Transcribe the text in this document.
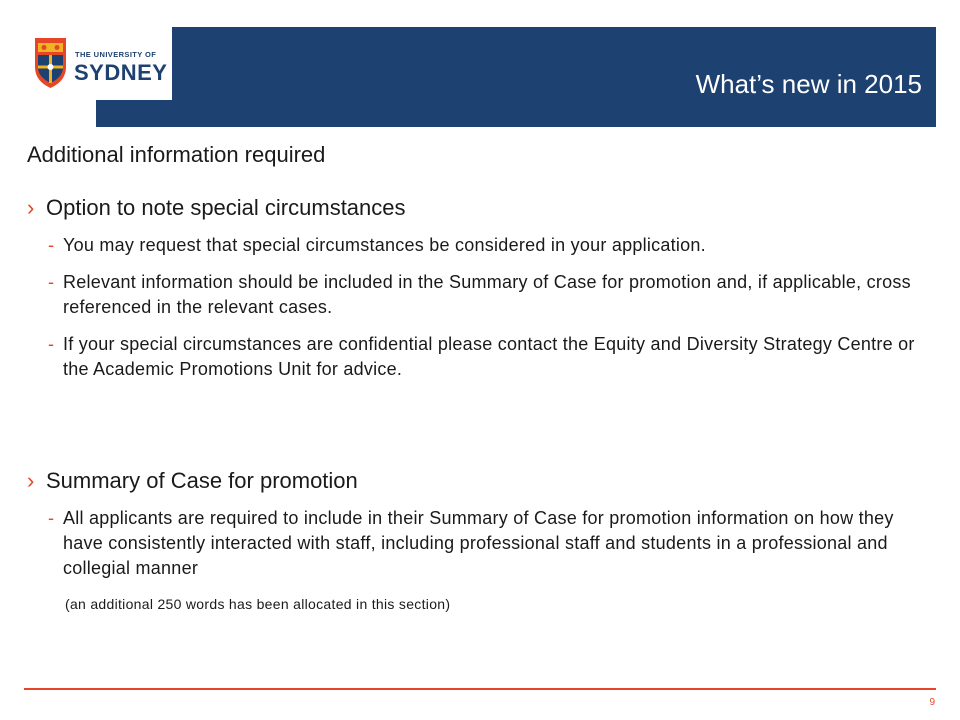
THE UNIVERSITY OF
SYDNEY	What’s new in 2015
Additional information required
› Option to note special circumstances
- You may request that special circumstances be considered in your application.
- Relevant information should be included in the Summary of Case for promotion and, if applicable, cross referenced in the relevant cases.
- If your special circumstances are confidential please contact the Equity and Diversity Strategy Centre or the Academic Promotions Unit for advice.
› Summary of Case for promotion
- All applicants are required to include in their Summary of Case for promotion information on how they have consistently interacted with staff, including professional staff and students in a professional and collegial manner
(an additional 250 words has been allocated in this section)
9
